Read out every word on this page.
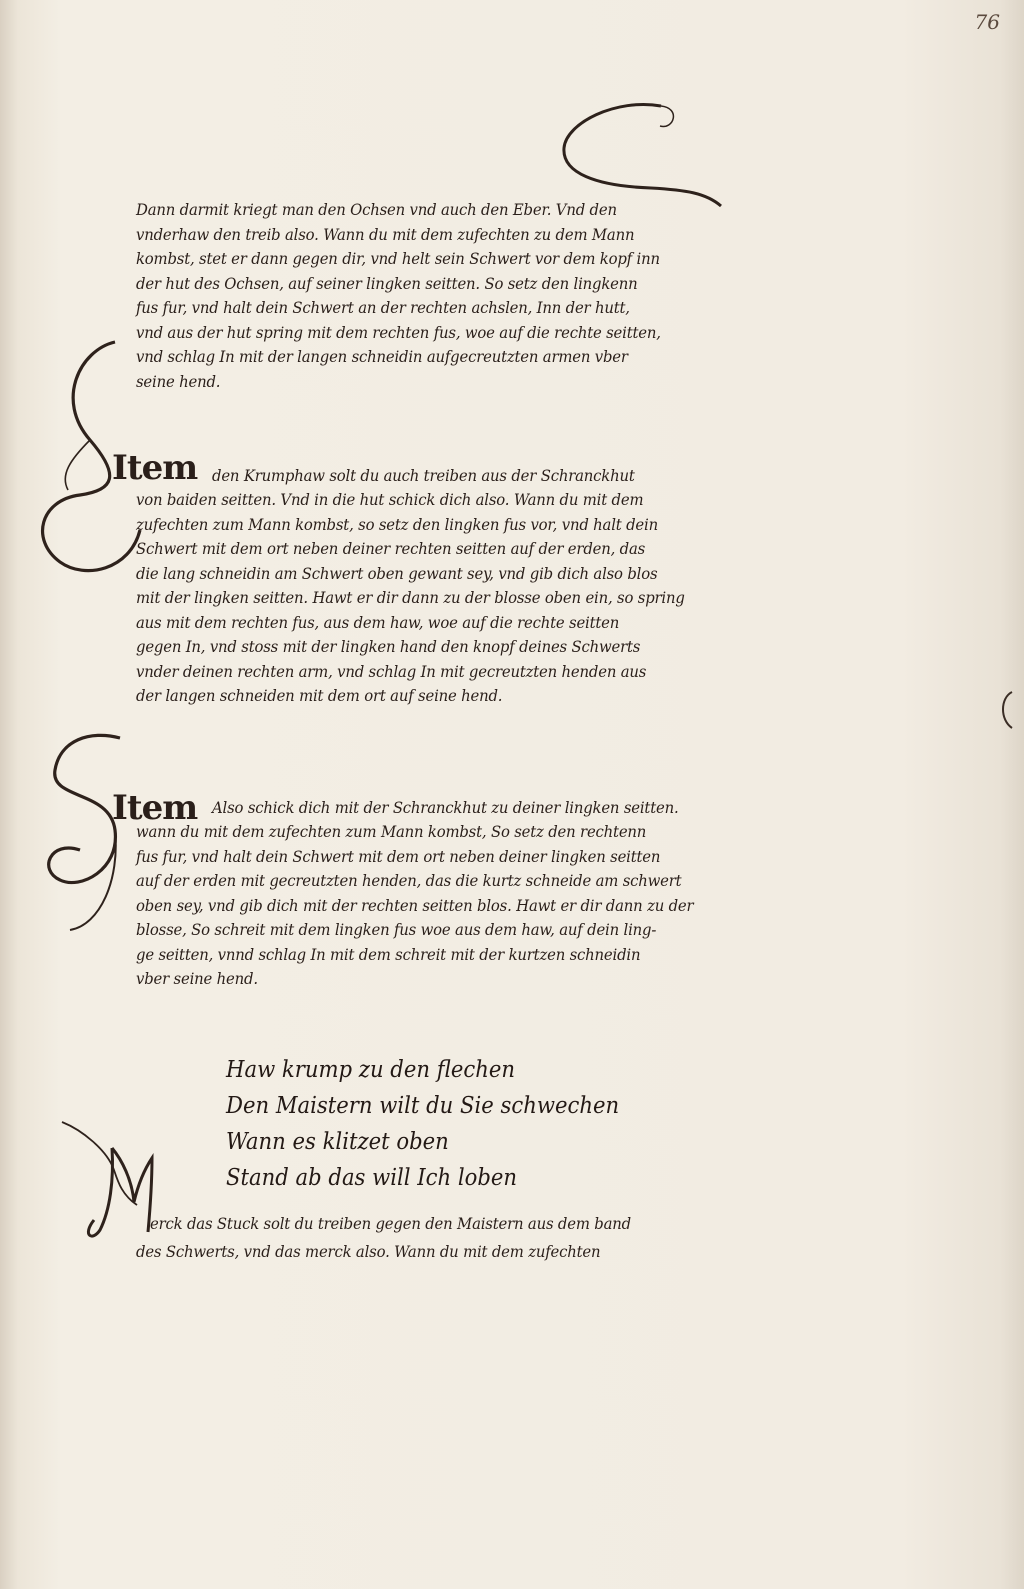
76
Dann darmit kriegt man den Ochsen vnd auch den Eber. Vnd den
vnderhaw den treib also. Wann du mit dem zufechten zu dem Mann
kombst, stet er dann gegen dir, vnd helt sein Schwert vor dem kopf inn
der hut des Ochsen, auf seiner lingken seitten. So setz den lingkenn
fus fur, vnd halt dein Schwert an der rechten achslen, Inn der hutt,
vnd aus der hut spring mit dem rechten fus, woe auf die rechte seitten,
vnd schlag In mit der langen schneidin aufgecreutzten armen vber
seine hend.
Item den Krumphaw solt du auch treiben aus der Schranckhut
von baiden seitten. Vnd in die hut schick dich also. Wann du mit dem
zufechten zum Mann kombst, so setz den lingken fus vor, vnd halt dein
Schwert mit dem ort neben deiner rechten seitten auf der erden, das
die lang schneidin am Schwert oben gewant sey, vnd gib dich also blos
mit der lingken seitten. Hawt er dir dann zu der blosse oben ein, so spring
aus mit dem rechten fus, aus dem haw, woe auf die rechte seitten
gegen In, vnd stoss mit der lingken hand den knopf deines Schwerts
vnder deinen rechten arm, vnd schlag In mit gecreutzten henden aus
der langen schneiden mit dem ort auf seine hend.
Item Also schick dich mit der Schranckhut zu deiner lingken seitten.
wann du mit dem zufechten zum Mann kombst, So setz den rechtenn
fus fur, vnd halt dein Schwert mit dem ort neben deiner lingken seitten
auf der erden mit gecreutzten henden, das die kurtz schneide am schwert
oben sey, vnd gib dich mit der rechten seitten blos. Hawt er dir dann zu der
blosse, So schreit mit dem lingken fus woe aus dem haw, auf dein ling-
ge seitten, vnnd schlag In mit dem schreit mit der kurtzen schneidin
vber seine hend.
Haw krump zu den flechen
Den Maistern wilt du Sie schwechen
Wann es klitzet oben
Stand ab das will Ich loben
erck das Stuck solt du treiben gegen den Maistern aus dem band
des Schwerts, vnd das merck also. Wann du mit dem zufechten
